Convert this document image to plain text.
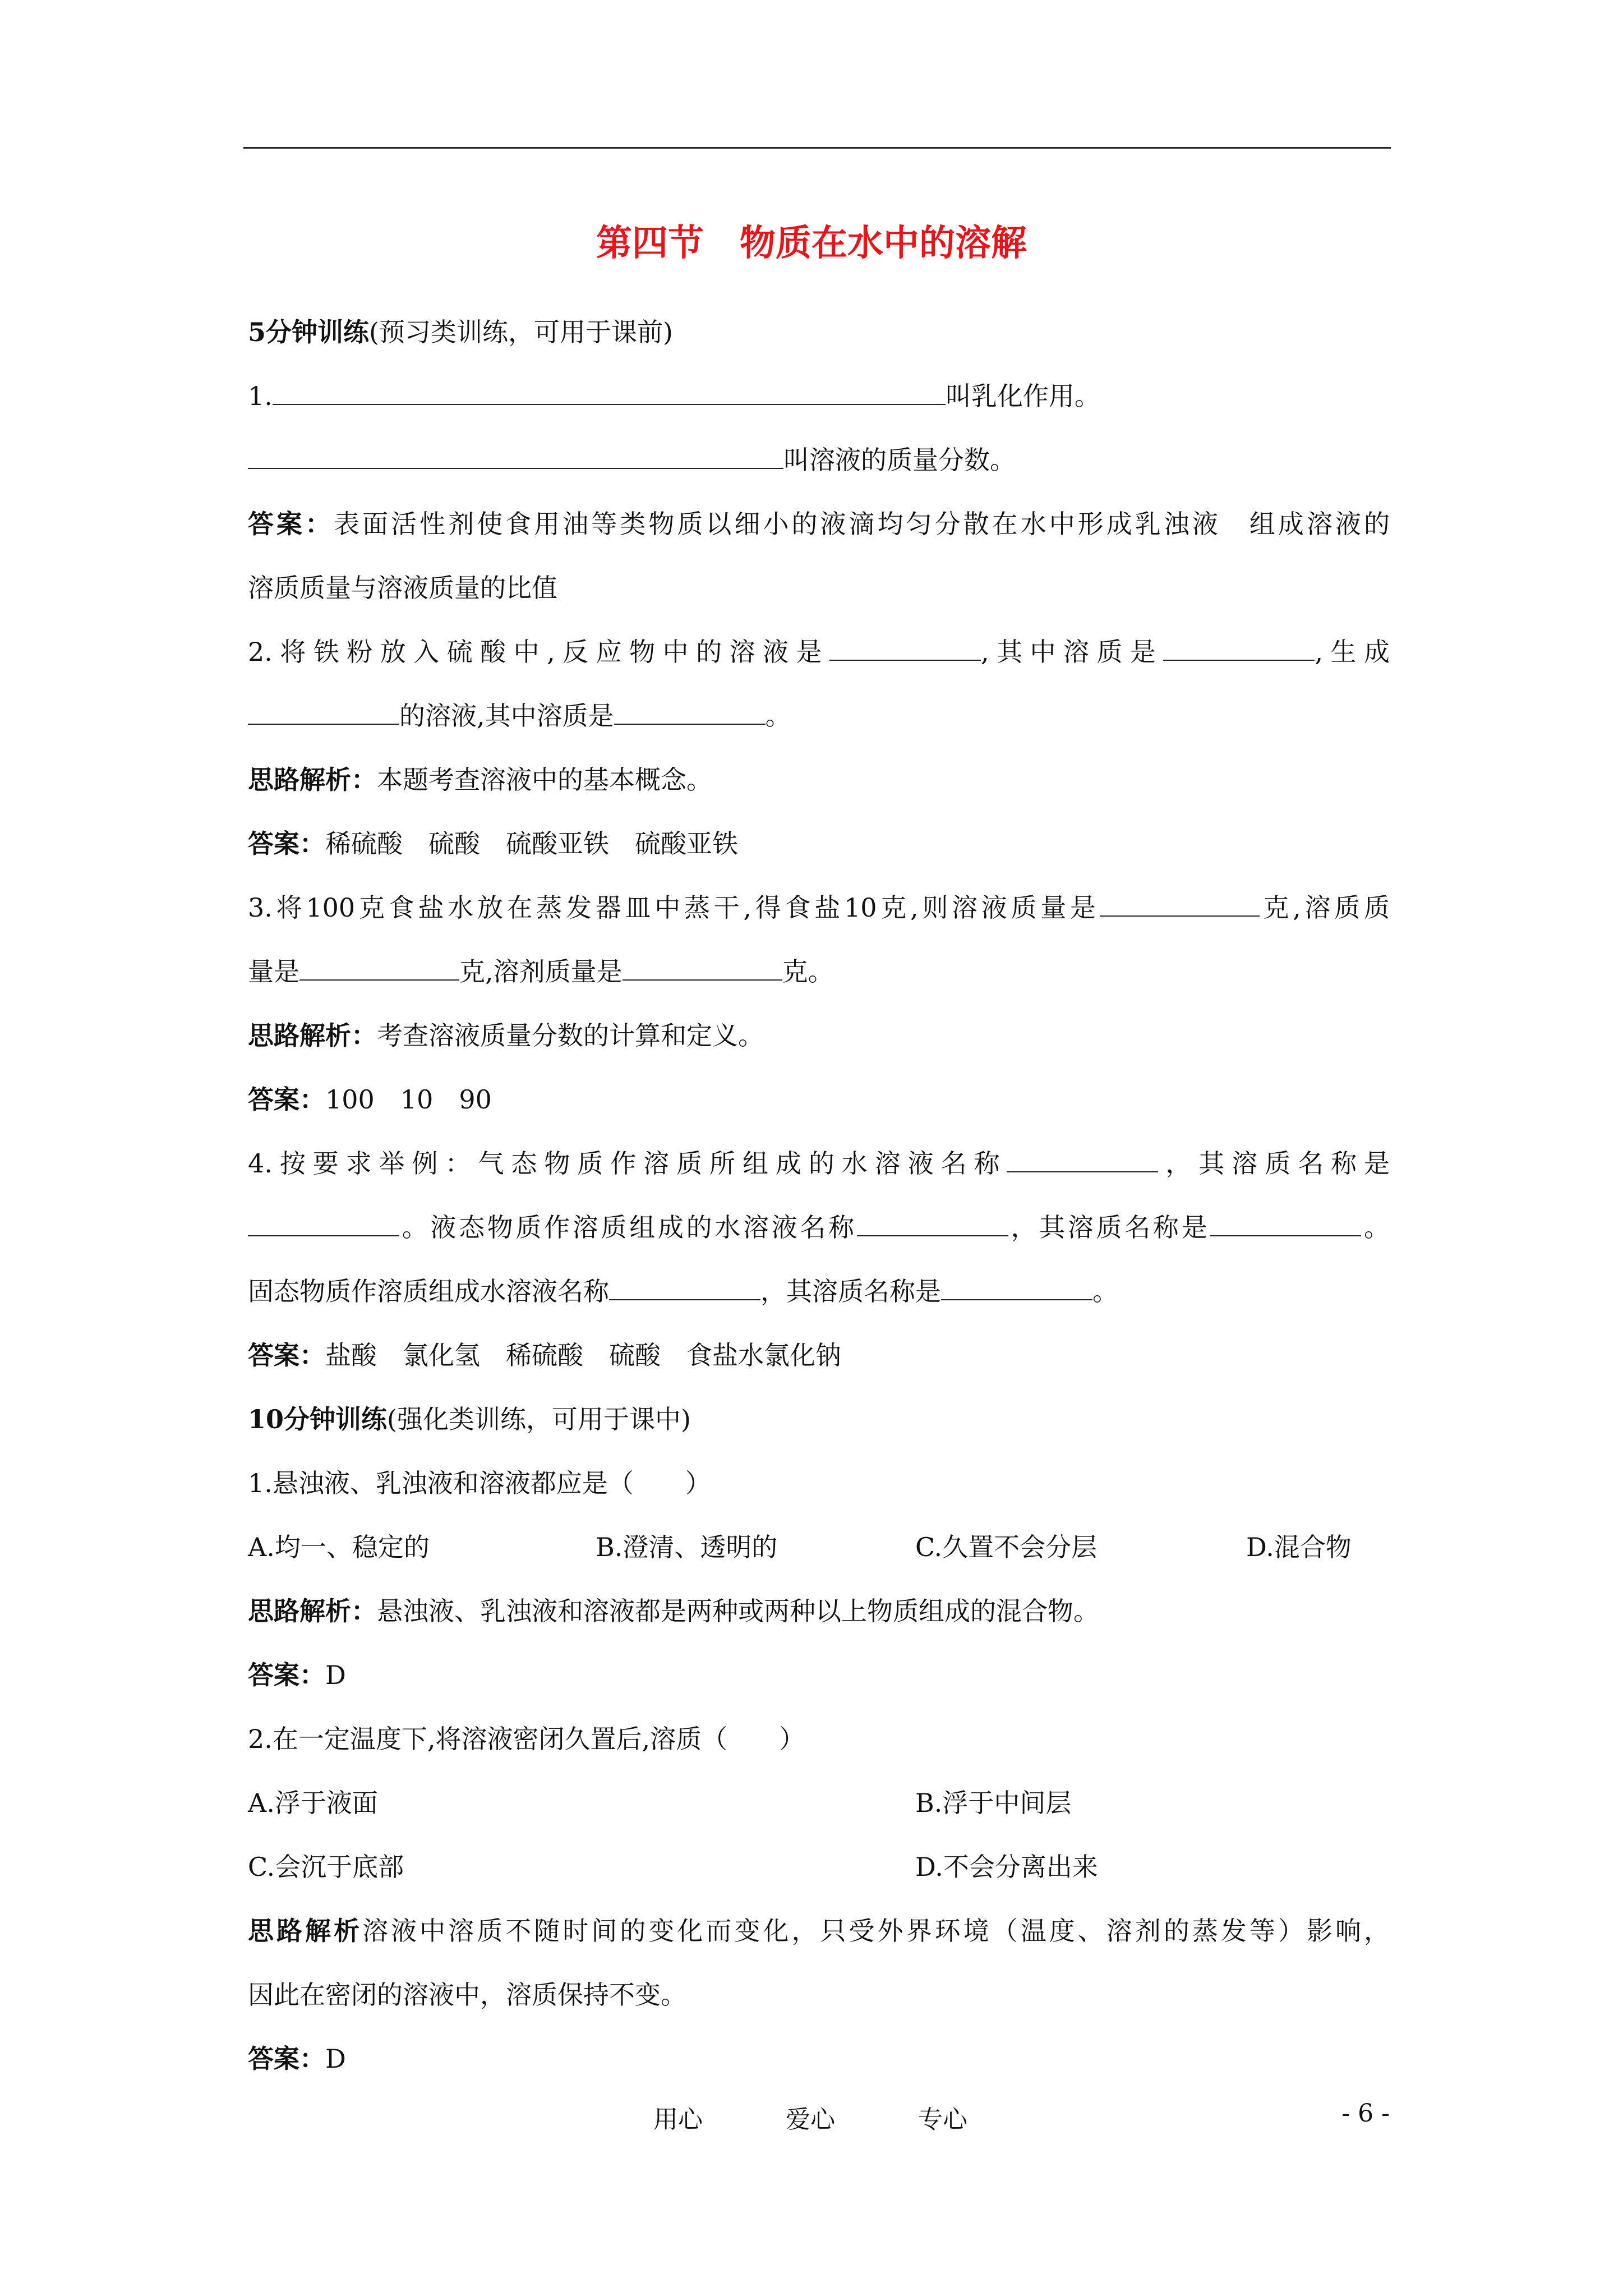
第四节　物质在水中的溶解
5分钟训练(预习类训练，可用于课前)
1.	叫乳化作用。
叫溶液的质量分数。
答案：表面活性剂使食用油等类物质以细小的液滴均匀分散在水中形成乳浊液　组成溶液的
溶质质量与溶液质量的比值
2.将铁粉放入硫酸中,反应物中的溶液是	,其中溶质是	,生成
的溶液,其中溶质是	。
思路解析：本题考查溶液中的基本概念。
答案：稀硫酸　硫酸　硫酸亚铁　硫酸亚铁
3.将100克食盐水放在蒸发器皿中蒸干,得食盐10克,则溶液质量是	克,溶质质
量是	克,溶剂质量是	克。
思路解析：考查溶液质量分数的计算和定义。
答案：100　10　90
4.按要求举例：气态物质作溶质所组成的水溶液名称	，其溶质名称是
。液态物质作溶质组成的水溶液名称	，其溶质名称是	。
固态物质作溶质组成水溶液名称	，其溶质名称是	。
答案：盐酸　氯化氢　稀硫酸　硫酸　食盐水氯化钠
10分钟训练(强化类训练，可用于课中)
1.悬浊液、乳浊液和溶液都应是（　　）
A.均一、稳定的	B.澄清、透明的	C.久置不会分层	D.混合物
思路解析：悬浊液、乳浊液和溶液都是两种或两种以上物质组成的混合物。
答案：D
2.在一定温度下,将溶液密闭久置后,溶质（　　）
A.浮于液面	B.浮于中间层
C.会沉于底部	D.不会分离出来
思路解析溶液中溶质不随时间的变化而变化，只受外界环境（温度、溶剂的蒸发等）影响，
因此在密闭的溶液中，溶质保持不变。
答案：D
用心	爱心	专心	- 6 -
